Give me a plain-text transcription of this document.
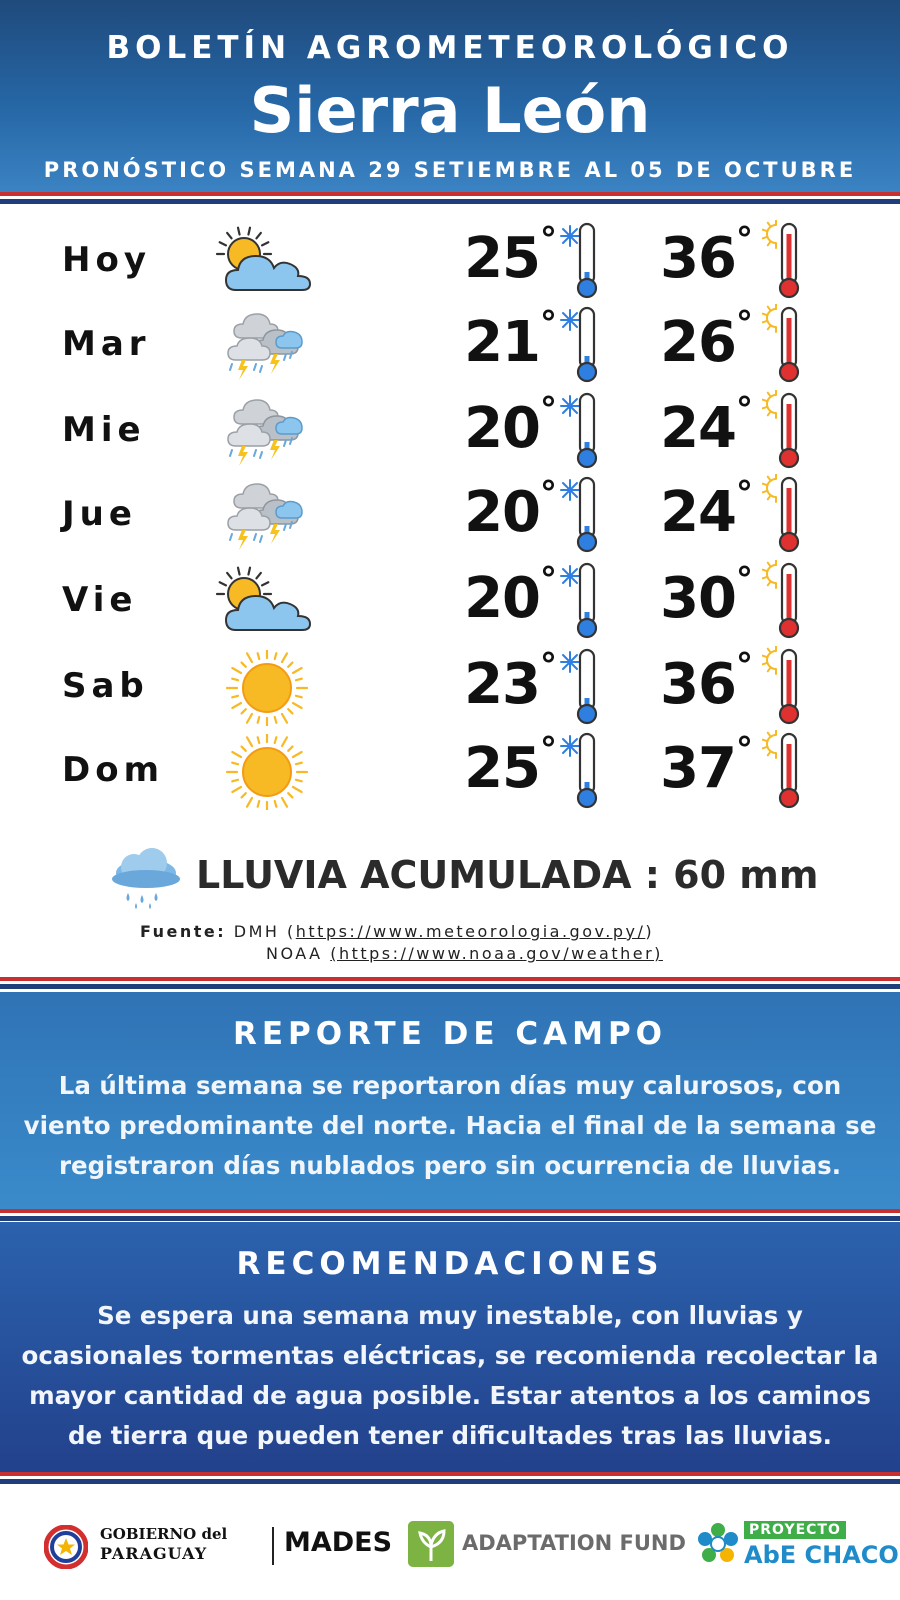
BOLETÍN AGROMETEOROLÓGICO
Sierra León
PRONÓSTICO SEMANA 29 SETIEMBRE AL 05 DE OCTUBRE
Hoy	25 °	36 °
Mar	21 °	26 °
Mie	20 °	24 °
Jue	20 °	24 °
Vie	20 °	30 °
Sab	23 °	36 °
Dom	25 °	37 °
LLUVIA ACUMULADA : 60 mm
Fuente: DMH (https://www.meteorologia.gov.py/)
NOAA (https://www.noaa.gov/weather)
REPORTE DE CAMPO

La última semana se reportaron días muy calurosos, con viento predominante del norte. Hacia el final de la semana se registraron días nublados pero sin ocurrencia de lluvias.

RECOMENDACIONES

Se espera una semana muy inestable, con lluvias y ocasionales tormentas eléctricas, se recomienda recolectar la mayor cantidad de agua posible. Estar atentos a los caminos de tierra que pueden tener dificultades tras las lluvias.

GOBIERNO del
PARAGUAY	MADES	ADAPTATION FUND
PROYECTO
AbE CHACO
